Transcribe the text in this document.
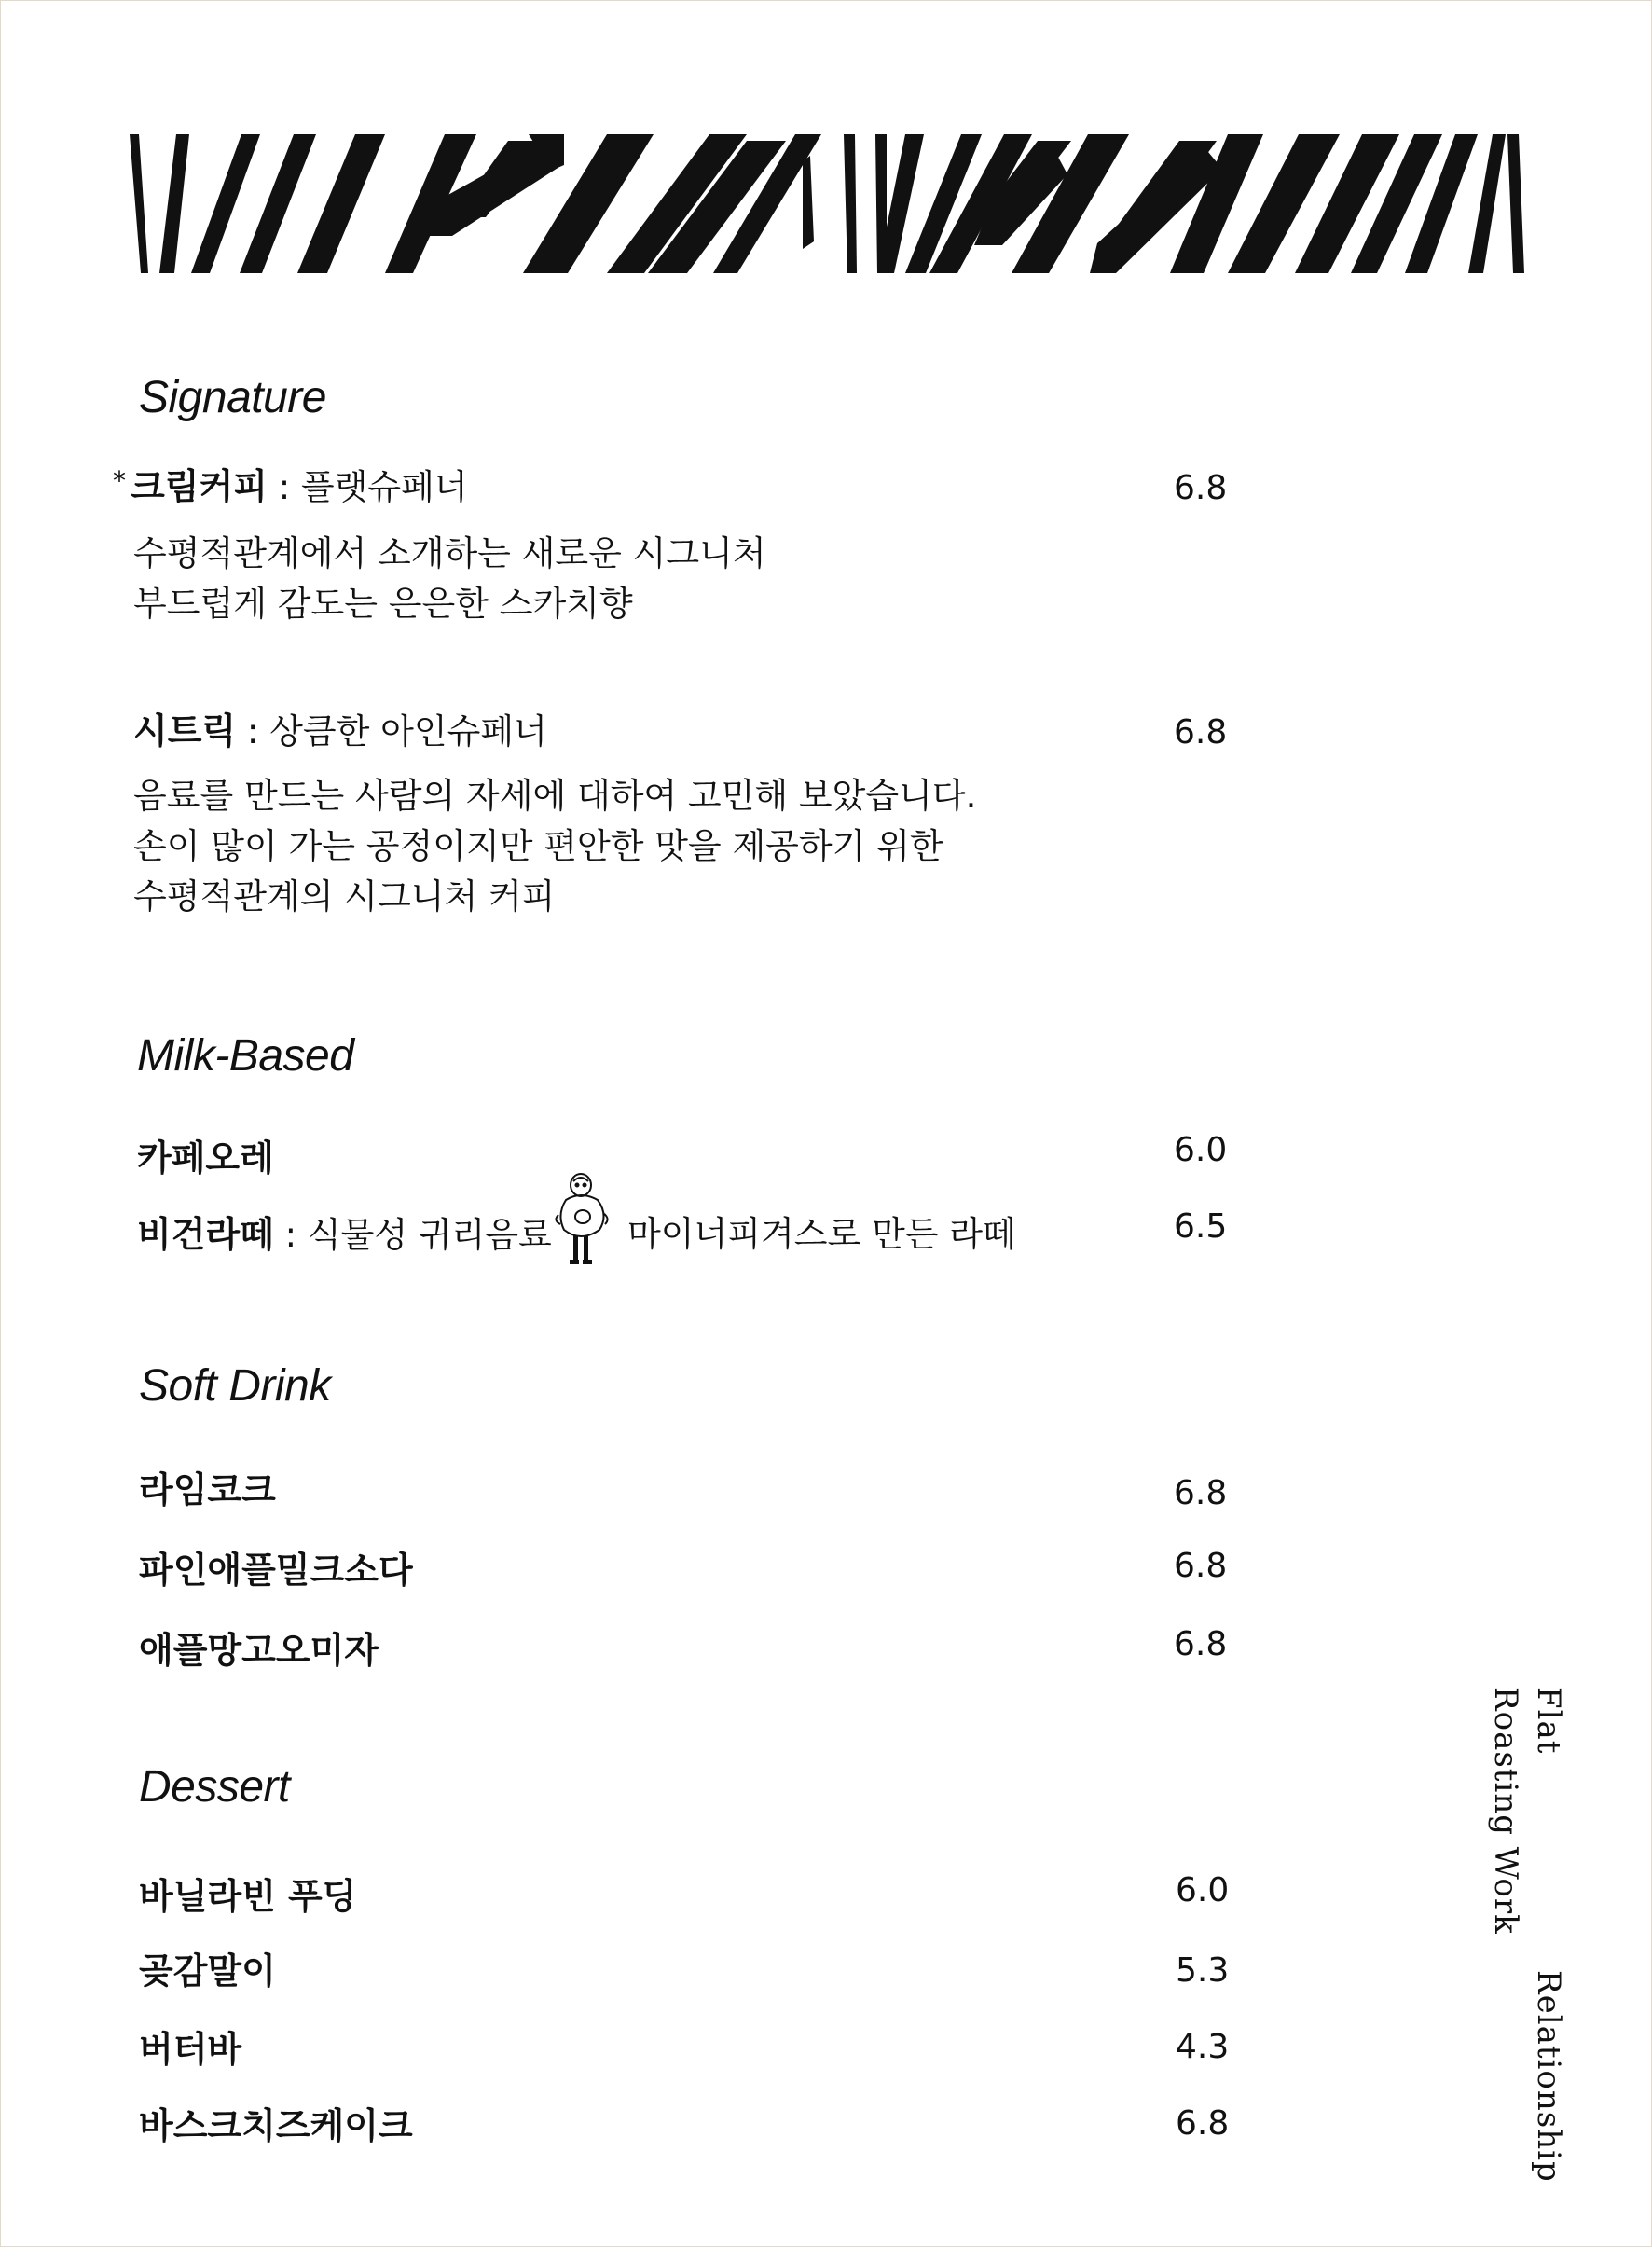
Signature
* 크림커피 : 플랫슈페너	6.8
수평적관계에서 소개하는 새로운 시그니처
부드럽게 감도는 은은한 스카치향
시트릭 : 상큼한 아인슈페너	6.8
음료를 만드는 사람의 자세에 대하여 고민해 보았습니다.
손이 많이 가는 공정이지만 편안한 맛을 제공하기 위한
수평적관계의 시그니처 커피
Milk-Based
카페오레	6.0
비건라떼 : 식물성 귀리음료 마이너피겨스로 만든 라떼	6.5
Soft Drink
라임코크	6.8
파인애플밀크소다	6.8
애플망고오미자	6.8
Dessert
바닐라빈 푸딩	6.0
곶감말이	5.3
버터바	4.3
바스크치즈케이크	6.8
Flat
Roasting Work
Relationship
